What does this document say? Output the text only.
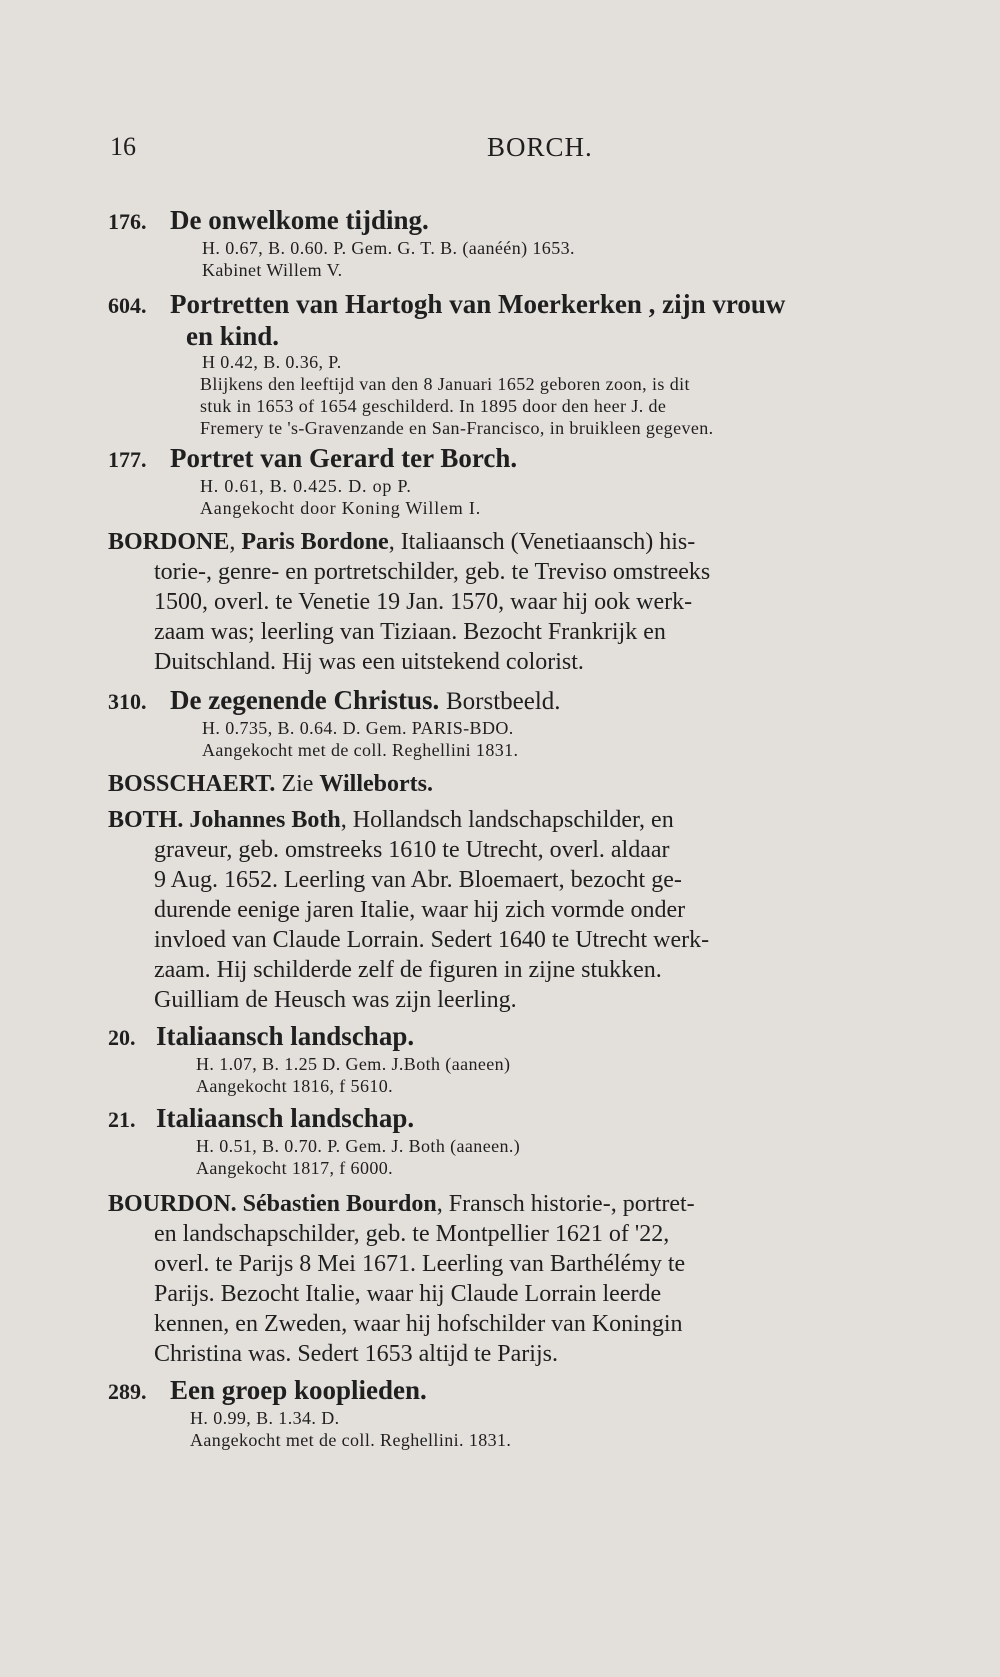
16	BORCH.
176. De onwelkome tijding.
H. 0.67, B. 0.60. P. Gem. G. T. B. (aanéén) 1653.
Kabinet Willem V.
604. Portretten van Hartogh van Moerkerken , zijn vrouw
en kind.
H 0.42, B. 0.36, P.
Blijkens den leeftijd van den 8 Januari 1652 geboren zoon, is dit
stuk in 1653 of 1654 geschilderd. In 1895 door den heer J. de
Fremery te 's-Gravenzande en San-Francisco, in bruikleen gegeven.
177. Portret van Gerard ter Borch.
H. 0.61, B. 0.425. D. op P.
Aangekocht door Koning Willem I.
BORDONE, Paris Bordone, Italiaansch (Venetiaansch) his-
torie-, genre- en portretschilder, geb. te Treviso omstreeks
1500, overl. te Venetie 19 Jan. 1570, waar hij ook werk-
zaam was; leerling van Tiziaan. Bezocht Frankrijk en
Duitschland. Hij was een uitstekend colorist.
310. De zegenende Christus. Borstbeeld.
H. 0.735, B. 0.64. D. Gem. PARIS-BDO.
Aangekocht met de coll. Reghellini 1831.
BOSSCHAERT. Zie Willeborts.
BOTH. Johannes Both, Hollandsch landschapschilder, en
graveur, geb. omstreeks 1610 te Utrecht, overl. aldaar
9 Aug. 1652. Leerling van Abr. Bloemaert, bezocht ge-
durende eenige jaren Italie, waar hij zich vormde onder
invloed van Claude Lorrain. Sedert 1640 te Utrecht werk-
zaam. Hij schilderde zelf de figuren in zijne stukken.
Guilliam de Heusch was zijn leerling.
20. Italiaansch landschap.
H. 1.07, B. 1.25 D. Gem. J.Both (aaneen)
Aangekocht 1816, f 5610.
21. Italiaansch landschap.
H. 0.51, B. 0.70. P. Gem. J. Both (aaneen.)
Aangekocht 1817, f 6000.
BOURDON. Sébastien Bourdon, Fransch historie-, portret-
en landschapschilder, geb. te Montpellier 1621 of '22,
overl. te Parijs 8 Mei 1671. Leerling van Barthélémy te
Parijs. Bezocht Italie, waar hij Claude Lorrain leerde
kennen, en Zweden, waar hij hofschilder van Koningin
Christina was. Sedert 1653 altijd te Parijs.
289. Een groep kooplieden.
H. 0.99, B. 1.34. D.
Aangekocht met de coll. Reghellini. 1831.
